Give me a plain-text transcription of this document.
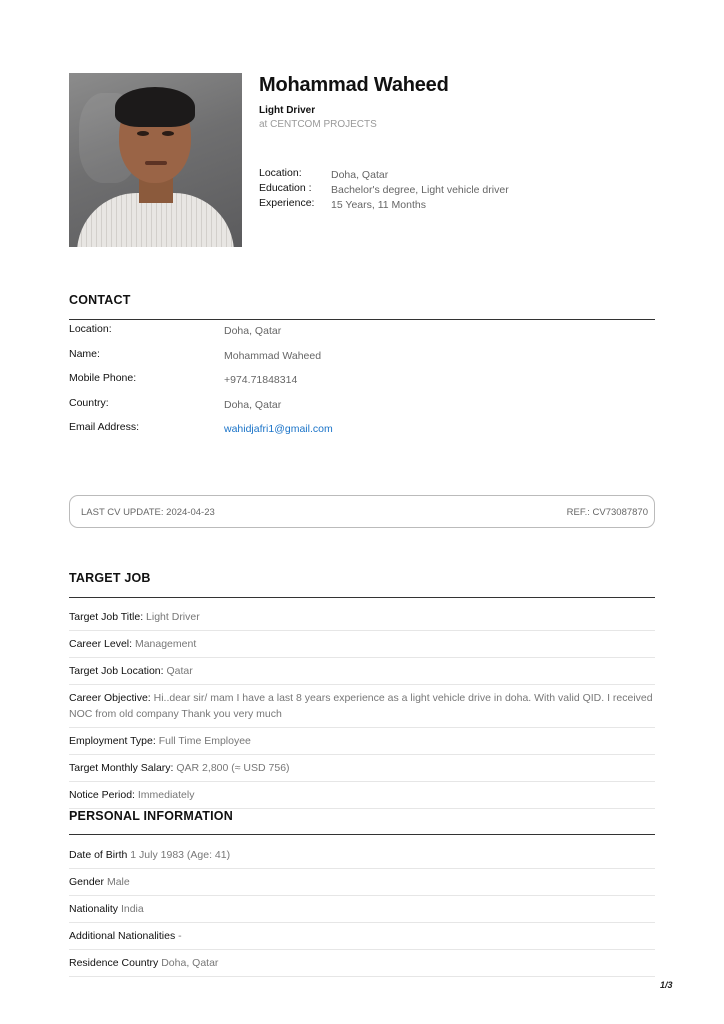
Mohammad Waheed
Light Driver
at CENTCOM PROJECTS
Location:	Doha, Qatar
Education :	Bachelor's degree, Light vehicle driver
Experience:	15 Years, 11 Months
CONTACT
Location:	Doha, Qatar
Name:	Mohammad Waheed
Mobile Phone:	+974.71848314
Country:	Doha, Qatar
Email Address:	wahidjafri1@gmail.com
LAST CV UPDATE: 2024-04-23	REF.: CV73087870
TARGET JOB
Target Job Title: Light Driver
Career Level: Management
Target Job Location: Qatar
Career Objective: Hi..dear sir/ mam I have a last 8 years experience as a light vehicle drive in doha. With valid QID. I received NOC from old company Thank you very much
Employment Type: Full Time Employee
Target Monthly Salary: QAR 2,800 (≈ USD 756)
Notice Period: Immediately
PERSONAL INFORMATION
Date of Birth 1 July 1983 (Age: 41)
Gender Male
Nationality India
Additional Nationalities -
Residence Country Doha, Qatar
1/3
